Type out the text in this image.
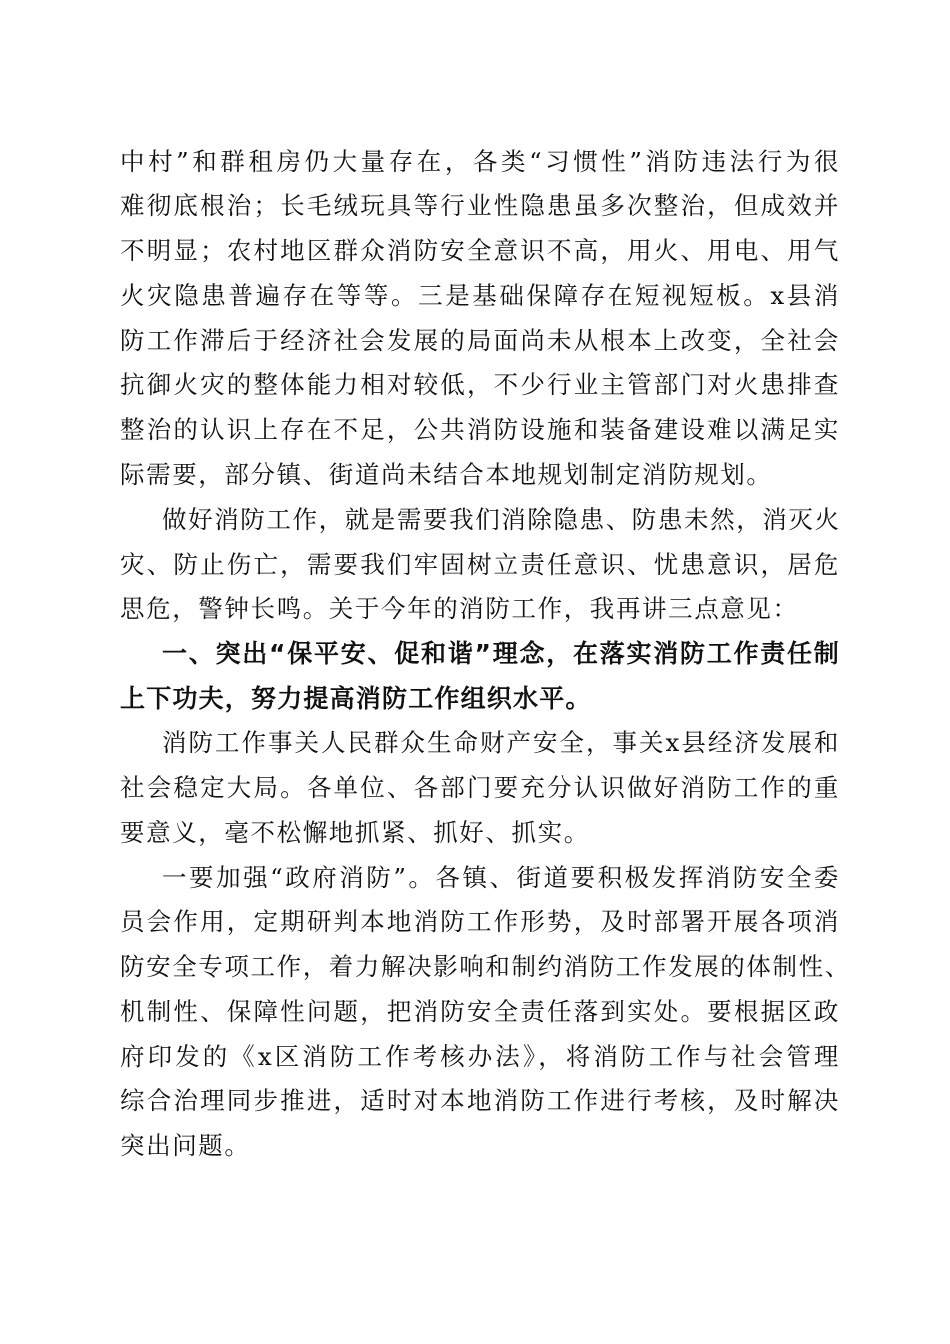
中村”和群租房仍大量存在，各类“习惯性”消防违法行为很
难彻底根治；长毛绒玩具等行业性隐患虽多次整治，但成效并
不明显；农村地区群众消防安全意识不高，用火、用电、用气
火灾隐患普遍存在等等。三是基础保障存在短视短板。x县消
防工作滞后于经济社会发展的局面尚未从根本上改变，全社会
抗御火灾的整体能力相对较低，不少行业主管部门对火患排查
整治的认识上存在不足，公共消防设施和装备建设难以满足实
际需要，部分镇、街道尚未结合本地规划制定消防规划。
做好消防工作，就是需要我们消除隐患、防患未然，消灭火
灾、防止伤亡，需要我们牢固树立责任意识、忧患意识，居危
思危，警钟长鸣。关于今年的消防工作，我再讲三点意见：
一、突出“保平安、促和谐”理念，在落实消防工作责任制
上下功夫，努力提高消防工作组织水平。
消防工作事关人民群众生命财产安全，事关x县经济发展和
社会稳定大局。各单位、各部门要充分认识做好消防工作的重
要意义，毫不松懈地抓紧、抓好、抓实。
一要加强“政府消防”。各镇、街道要积极发挥消防安全委
员会作用，定期研判本地消防工作形势，及时部署开展各项消
防安全专项工作，着力解决影响和制约消防工作发展的体制性、
机制性、保障性问题，把消防安全责任落到实处。要根据区政
府印发的《x区消防工作考核办法》，将消防工作与社会管理
综合治理同步推进，适时对本地消防工作进行考核，及时解决
突出问题。
